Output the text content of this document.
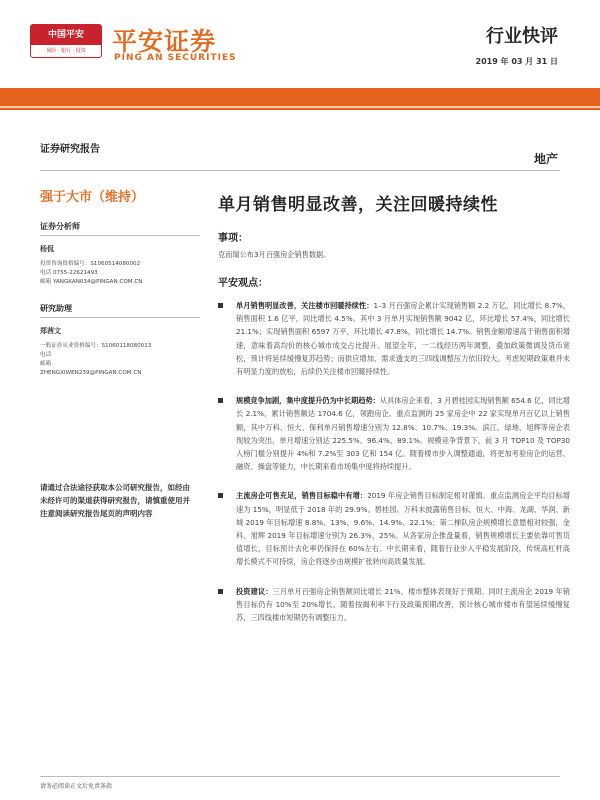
中国平安
保险 · 银行 · 投资	平安证券
PING AN SECURITIES
行业快评
2019 年 03 月 31 日
证券研究报告
地产
强于大市（维持）
证券分析师
杨侃
投资咨询资格编号：S1060514080002
电话 0755-22621493
邮箱 YANGKAN034@PINGAN.COM.CN
研究助理
郑茜文
一般证券从业资格编号：S1060118080013
电话
邮箱
ZHENGXIWEN239@PINGAN.COM.CN
请通过合法途径获取本公司研究报告，如经由未经许可的渠道获得研究报告，请慎重使用并注意阅读研究报告尾页的声明内容
单月销售明显改善，关注回暖持续性
事项：
克而瑞公布3月百强房企销售数据。
平安观点：
单月销售明显改善，关注楼市回暖持续性：1–3 月百强房企累计实现销售额 2.2 万亿，同比增长 8.7%，销售面积 1.6 亿平，同比增长 4.5%。其中 3 月单月实现销售额 9042 亿，环比增长 57.4%，同比增长 21.1%；实现销售面积 6597 万平，环比增长 47.8%，同比增长 14.7%。销售金额增速高于销售面积增速，意味着高均价的核心城市成交占比提升。展望全年，一二线经历两年调整，叠加政策微调及货币宽松，预计将延续缓慢复苏趋势；而供应增加、需求透支的三四线调整压力依旧较大。考虑短期政策难并未有明显力度的放松，后续仍关注楼市回暖持续性。
规模竞争加剧，集中度提升仍为中长期趋势：从具体房企来看，3 月碧桂园实现销售额 654.6 亿，同比增长 2.1%，累计销售额达 1704.6 亿，领跑房企。重点监测的 25 家房企中 22 家实现单月百亿以上销售额，其中万科、恒大、保利单月销售增速分别为 12.8%、10.7%、19.3%。滨江、绿地、旭辉等房企表现较为突出，单月增速分别达 225.5%、96.4%、89.1%。规模竞争背景下，前 3 月 TOP10 及 TOP30 入榜门槛分别提升 4%和 7.2%至 303 亿和 154 亿。随着楼市步入调整通道，将更加考验房企的运营、融资、操盘等能力，中长期来看市场集中度将持续提升。
主流房企可售充足，销售目标稳中有增：2019 年房企销售目标制定相对谨慎。重点监测房企平均目标增速为 15%，明显低于 2018 年的 29.9%。碧桂园、万科未披露销售目标，恒大、中海、龙湖、华润、新城 2019 年目标增速 8.8%、13%、9.6%、14.9%、22.1%；第二梯队房企规模增长意愿相对较强，金科、旭辉 2019 年目标增速分别为 26.3%、25%。从各家房企推盘量看，销售规模增长主要依靠可售货值增长，目标预计去化率仍保持在 60%左右。中长期来看，随着行业步入平稳发展阶段，传统高杠杆高增长模式不可持续，房企将逐步由规模扩张转向高质量发展。
投资建议：三月单月百强房企销售额同比增长 21%，楼市整体表现好于预期。同时主流房企 2019 年销售目标仍有 10%至 20%增长。随着按揭利率下行及政策预期改善，预计核心城市楼市有望延续缓慢复苏，三四线楼市短期仍有调整压力。
请务必阅读正文后免责条款
